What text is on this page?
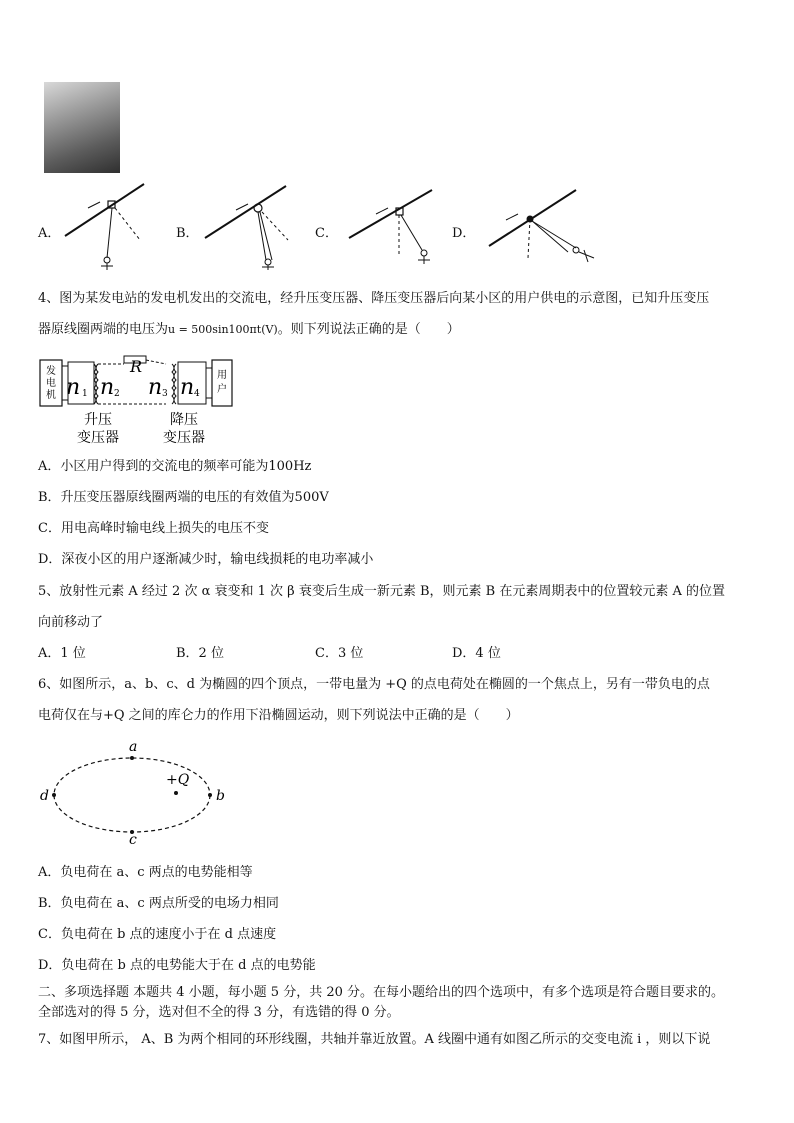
A．	B．	C．	D．
4、图为某发电站的发电机发出的交流电，经升压变压器、降压变压器后向某小区的用户供电的示意图，已知升压变压
器原线圈两端的电压为u = 500sin100πt(V)。则下列说法正确的是（　　）
发
电
机 n 1 n 2
R
n 3 n 4
用
户
升压
变压器
降压
变压器
A．小区用户得到的交流电的频率可能为100Hz
B．升压变压器原线圈两端的电压的有效值为500V
C．用电高峰时输电线上损失的电压不变
D．深夜小区的用户逐渐减少时，输电线损耗的电功率减小
5、放射性元素 A 经过 2 次 α 衰变和 1 次 β 衰变后生成一新元素 B，则元素 B 在元素周期表中的位置较元素 A 的位置
向前移动了
A．1 位	B．2 位	C．3 位	D．4 位
6、如图所示，a、b、c、d 为椭圆的四个顶点，一带电量为 +Q 的点电荷处在椭圆的一个焦点上，另有一带负电的点
电荷仅在与+Q 之间的库仑力的作用下沿椭圆运动，则下列说法中正确的是（　　）
a
b
c
d
+Q
A．负电荷在 a、c 两点的电势能相等
B．负电荷在 a、c 两点所受的电场力相同
C．负电荷在 b 点的速度小于在 d 点速度
D．负电荷在 b 点的电势能大于在 d 点的电势能
二、多项选择题 本题共 4 小题，每小题 5 分，共 20 分。在每小题给出的四个选项中，有多个选项是符合题目要求的。
全部选对的得 5 分，选对但不全的得 3 分，有选错的得 0 分。
7、如图甲所示， A、B 为两个相同的环形线圈，共轴并靠近放置。A 线圈中通有如图乙所示的交变电流 i ，则以下说
